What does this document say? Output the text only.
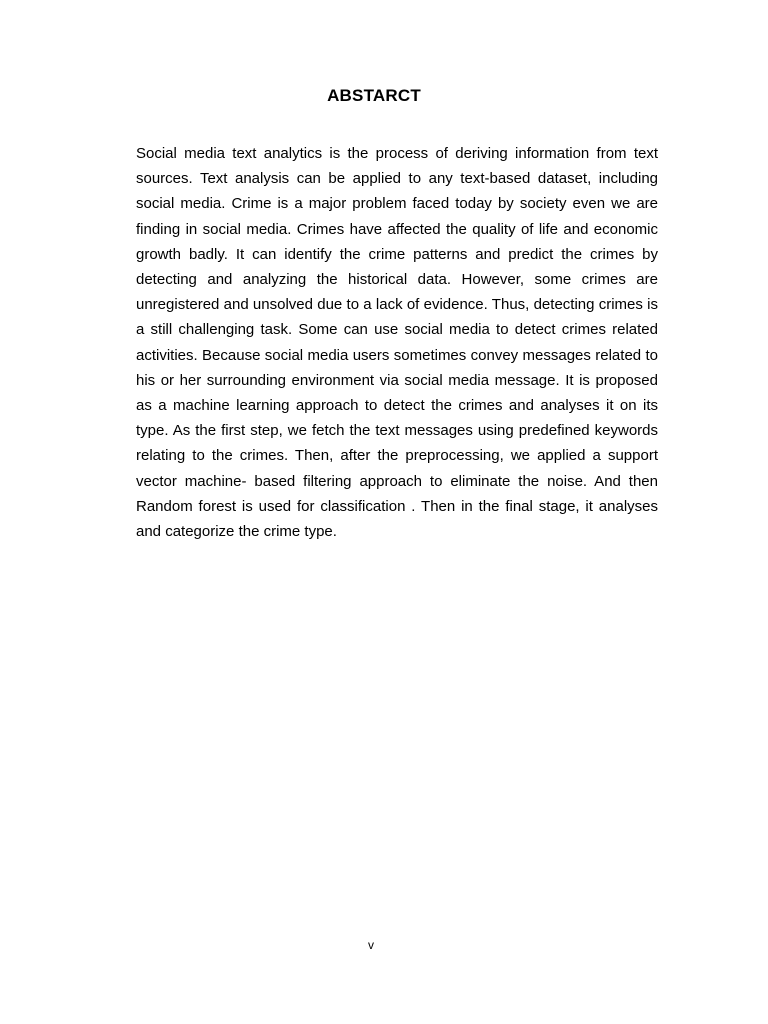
ABSTARCT

Social media text analytics is the process of deriving information from text sources. Text analysis can be applied to any text-based dataset, including social media. Crime is a major problem faced today by society even we are finding in social media. Crimes have affected the quality of life and economic growth badly. It can identify the crime patterns and predict the crimes by detecting and analyzing the historical data. However, some crimes are unregistered and unsolved due to a lack of evidence. Thus, detecting crimes is a still challenging task. Some can use social media to detect crimes related activities. Because social media users sometimes convey messages related to his or her surrounding environment via social media message. It is proposed as a machine learning approach to detect the crimes and analyses it on its type. As the first step, we fetch the text messages using predefined keywords relating to the crimes. Then, after the preprocessing, we applied a support vector machine- based filtering approach to eliminate the noise. And then Random forest is used for classification . Then in the final stage, it analyses and categorize the crime type.

v
